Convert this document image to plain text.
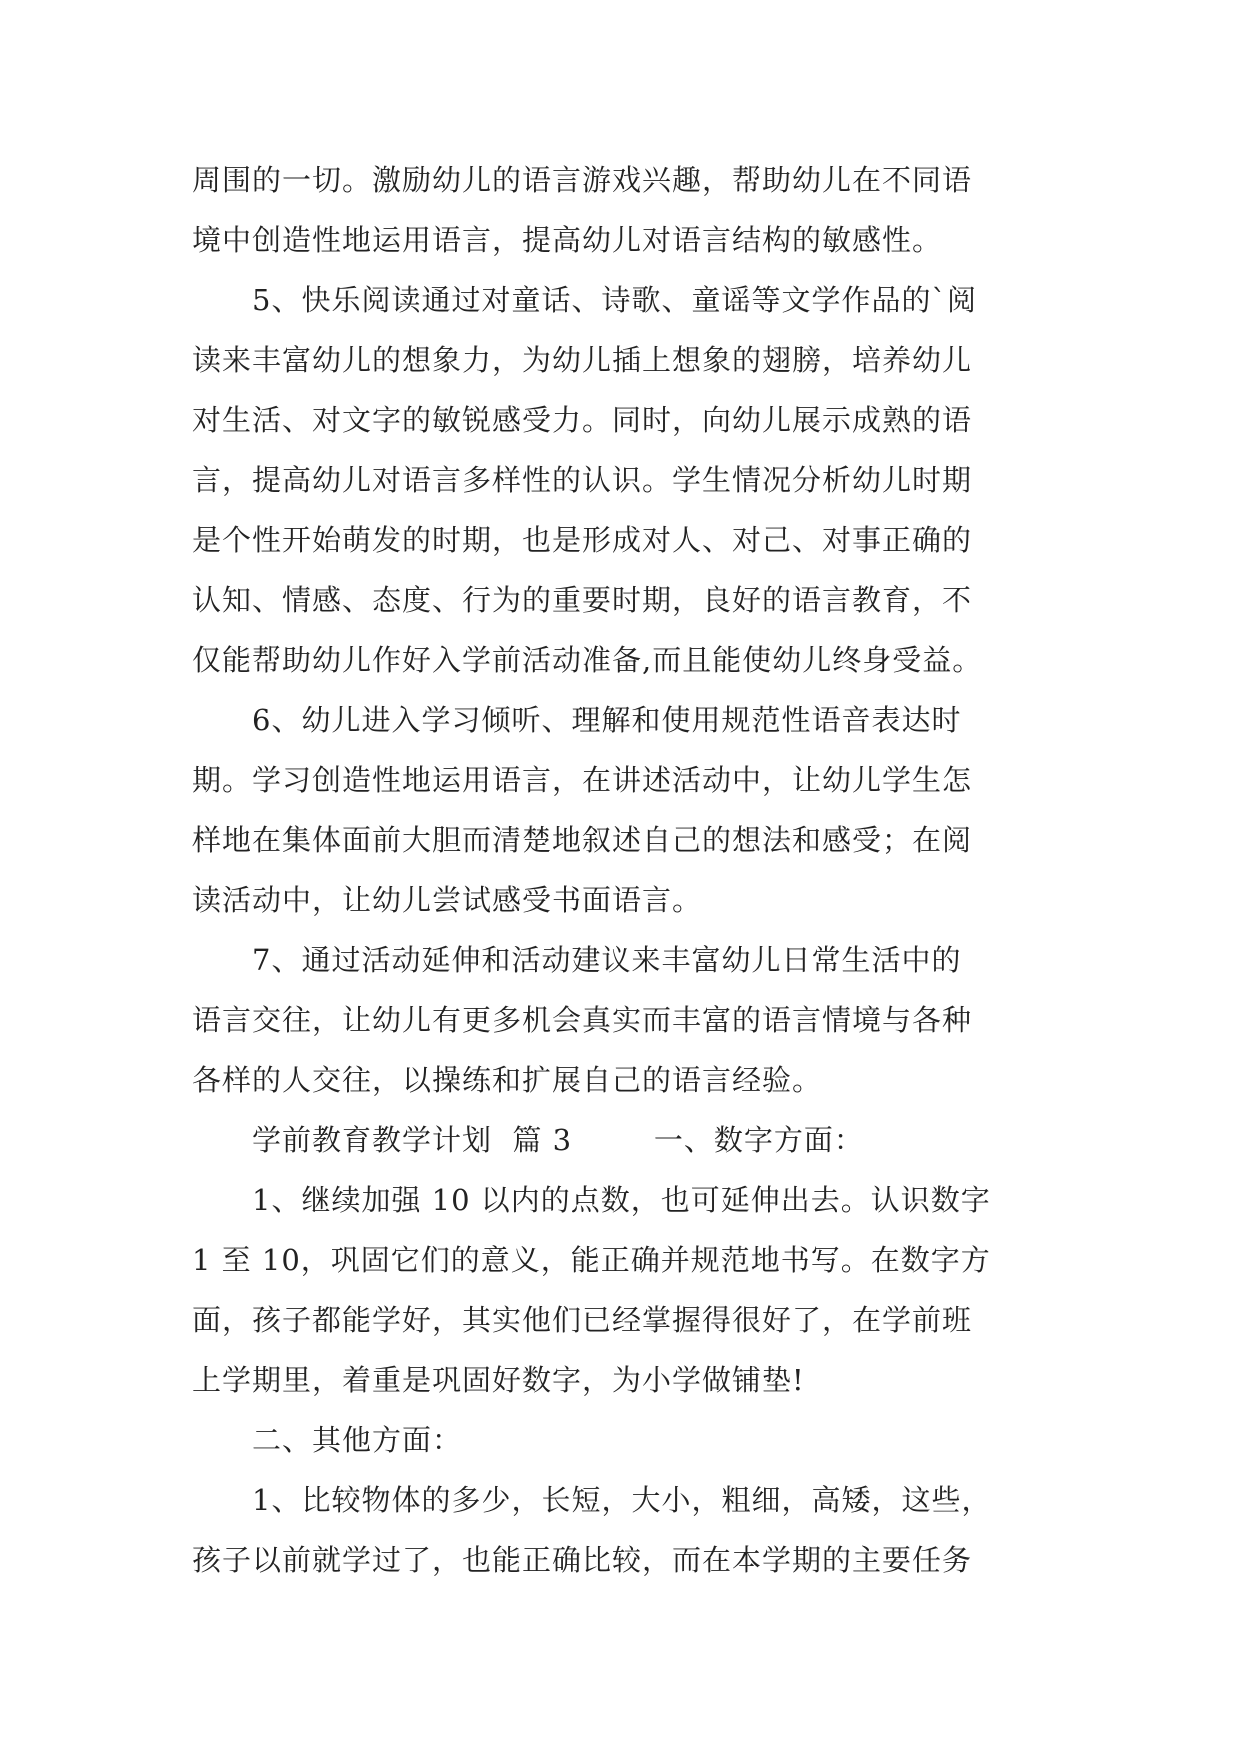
周围的一切。激励幼儿的语言游戏兴趣，帮助幼儿在不同语
境中创造性地运用语言，提高幼儿对语言结构的敏感性。
5、快乐阅读通过对童话、诗歌、童谣等文学作品的`阅
读来丰富幼儿的想象力，为幼儿插上想象的翅膀，培养幼儿
对生活、对文字的敏锐感受力。同时，向幼儿展示成熟的语
言，提高幼儿对语言多样性的认识。学生情况分析幼儿时期
是个性开始萌发的时期，也是形成对人、对己、对事正确的
认知、情感、态度、行为的重要时期，良好的语言教育，不
仅能帮助幼儿作好入学前活动准备,而且能使幼儿终身受益。
6、幼儿进入学习倾听、理解和使用规范性语音表达时
期。学习创造性地运用语言，在讲述活动中，让幼儿学生怎
样地在集体面前大胆而清楚地叙述自己的想法和感受；在阅
读活动中，让幼儿尝试感受书面语言。
7、通过活动延伸和活动建议来丰富幼儿日常生活中的
语言交往，让幼儿有更多机会真实而丰富的语言情境与各种
各样的人交往，以操练和扩展自己的语言经验。
学前教育教学计划  篇 3        一、数字方面：
1、继续加强 10 以内的点数，也可延伸出去。认识数字
1 至 10，巩固它们的意义，能正确并规范地书写。在数字方
面，孩子都能学好，其实他们已经掌握得很好了，在学前班
上学期里，着重是巩固好数字，为小学做铺垫!
二、其他方面：
1、比较物体的多少，长短，大小，粗细，高矮，这些，
孩子以前就学过了，也能正确比较，而在本学期的主要任务
